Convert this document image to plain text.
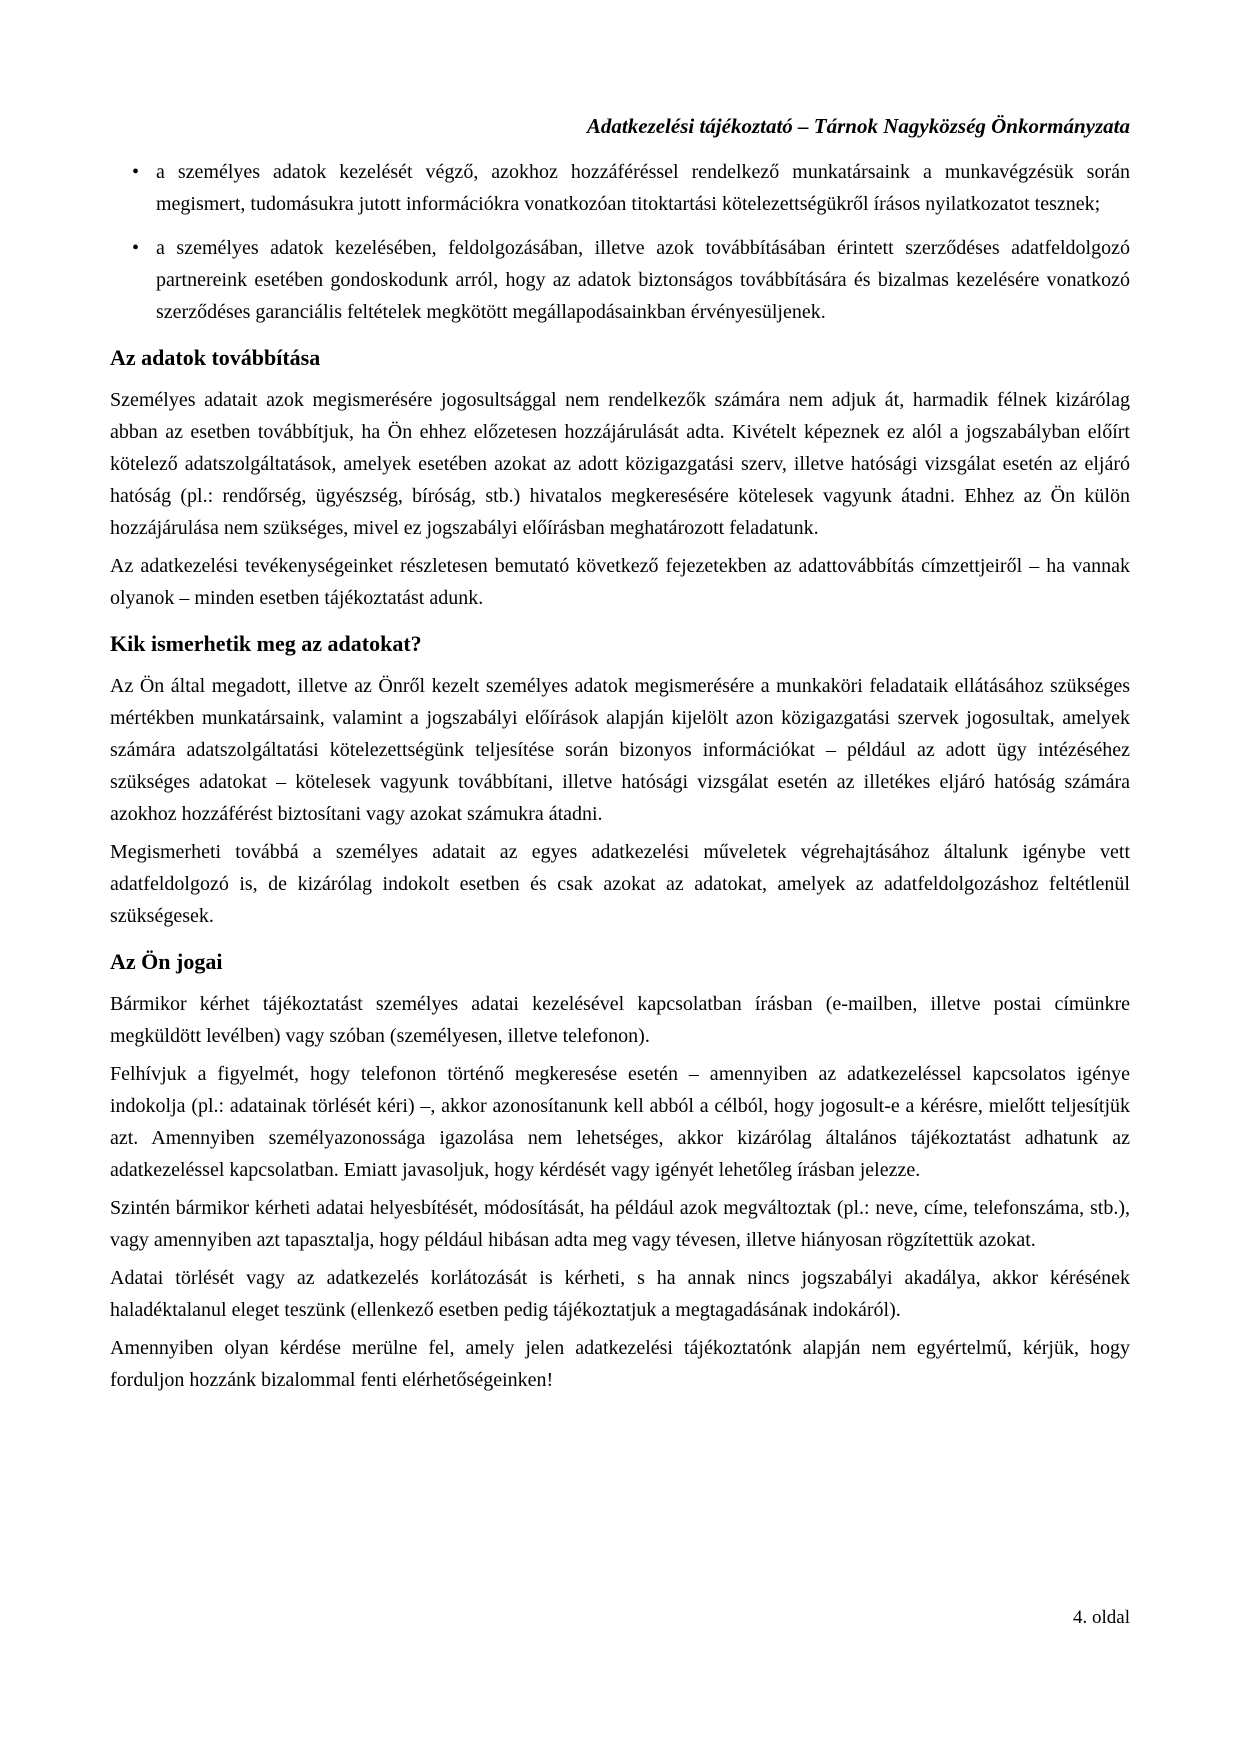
Adatkezelési tájékoztató – Tárnok Nagyközség Önkormányzata
• a személyes adatok kezelését végző, azokhoz hozzáféréssel rendelkező munkatársaink a munkavégzésük során megismert, tudomásukra jutott információkra vonatkozóan titoktartási kötelezettségükről írásos nyilatkozatot tesznek;
• a személyes adatok kezelésében, feldolgozásában, illetve azok továbbításában érintett szerződéses adatfeldolgozó partnereink esetében gondoskodunk arról, hogy az adatok biztonságos továbbítására és bizalmas kezelésére vonatkozó szerződéses garanciális feltételek megkötött megállapodásainkban érvényesüljenek.
Az adatok továbbítása

Személyes adatait azok megismerésére jogosultsággal nem rendelkezők számára nem adjuk át, harmadik félnek kizárólag abban az esetben továbbítjuk, ha Ön ehhez előzetesen hozzájárulását adta. Kivételt képeznek ez alól a jogszabályban előírt kötelező adatszolgáltatások, amelyek esetében azokat az adott közigazgatási szerv, illetve hatósági vizsgálat esetén az eljáró hatóság (pl.: rendőrség, ügyészség, bíróság, stb.) hivatalos megkeresésére kötelesek vagyunk átadni. Ehhez az Ön külön hozzájárulása nem szükséges, mivel ez jogszabályi előírásban meghatározott feladatunk.

Az adatkezelési tevékenységeinket részletesen bemutató következő fejezetekben az adattovábbítás címzettjeiről – ha vannak olyanok – minden esetben tájékoztatást adunk.

Kik ismerhetik meg az adatokat?

Az Ön által megadott, illetve az Önről kezelt személyes adatok megismerésére a munkaköri feladataik ellátásához szükséges mértékben munkatársaink, valamint a jogszabályi előírások alapján kijelölt azon közigazgatási szervek jogosultak, amelyek számára adatszolgáltatási kötelezettségünk teljesítése során bizonyos információkat – például az adott ügy intézéséhez szükséges adatokat – kötelesek vagyunk továbbítani, illetve hatósági vizsgálat esetén az illetékes eljáró hatóság számára azokhoz hozzáférést biztosítani vagy azokat számukra átadni.

Megismerheti továbbá a személyes adatait az egyes adatkezelési műveletek végrehajtásához általunk igénybe vett adatfeldolgozó is, de kizárólag indokolt esetben és csak azokat az adatokat, amelyek az adatfeldolgozáshoz feltétlenül szükségesek.

Az Ön jogai

Bármikor kérhet tájékoztatást személyes adatai kezelésével kapcsolatban írásban (e-mailben, illetve postai címünkre megküldött levélben) vagy szóban (személyesen, illetve telefonon).

Felhívjuk a figyelmét, hogy telefonon történő megkeresése esetén – amennyiben az adatkezeléssel kapcsolatos igénye indokolja (pl.: adatainak törlését kéri) –, akkor azonosítanunk kell abból a célból, hogy jogosult-e a kérésre, mielőtt teljesítjük azt. Amennyiben személyazonossága igazolása nem lehetséges, akkor kizárólag általános tájékoztatást adhatunk az adatkezeléssel kapcsolatban. Emiatt javasoljuk, hogy kérdését vagy igényét lehetőleg írásban jelezze.

Szintén bármikor kérheti adatai helyesbítését, módosítását, ha például azok megváltoztak (pl.: neve, címe, telefonszáma, stb.), vagy amennyiben azt tapasztalja, hogy például hibásan adta meg vagy tévesen, illetve hiányosan rögzítettük azokat.

Adatai törlését vagy az adatkezelés korlátozását is kérheti, s ha annak nincs jogszabályi akadálya, akkor kérésének haladéktalanul eleget teszünk (ellenkező esetben pedig tájékoztatjuk a megtagadásának indokáról).

Amennyiben olyan kérdése merülne fel, amely jelen adatkezelési tájékoztatónk alapján nem egyértelmű, kérjük, hogy forduljon hozzánk bizalommal fenti elérhetőségeinken!

4. oldal
